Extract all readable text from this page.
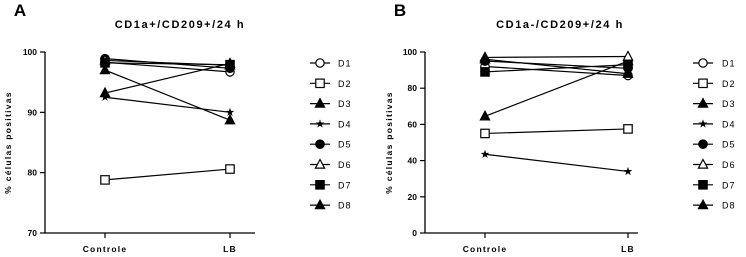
A
CD1a+/CD209+/24 h
70
80
90
100
Controle	LB
% células positivas
D1
D2
D3
D4
D5
D6
D7
D8
B
CD1a-/CD209+/24 h
0
20
40
60
80
100
Controle	LB
% células positivas
D1
D2
D3
D4
D5
D6
D7
D8
